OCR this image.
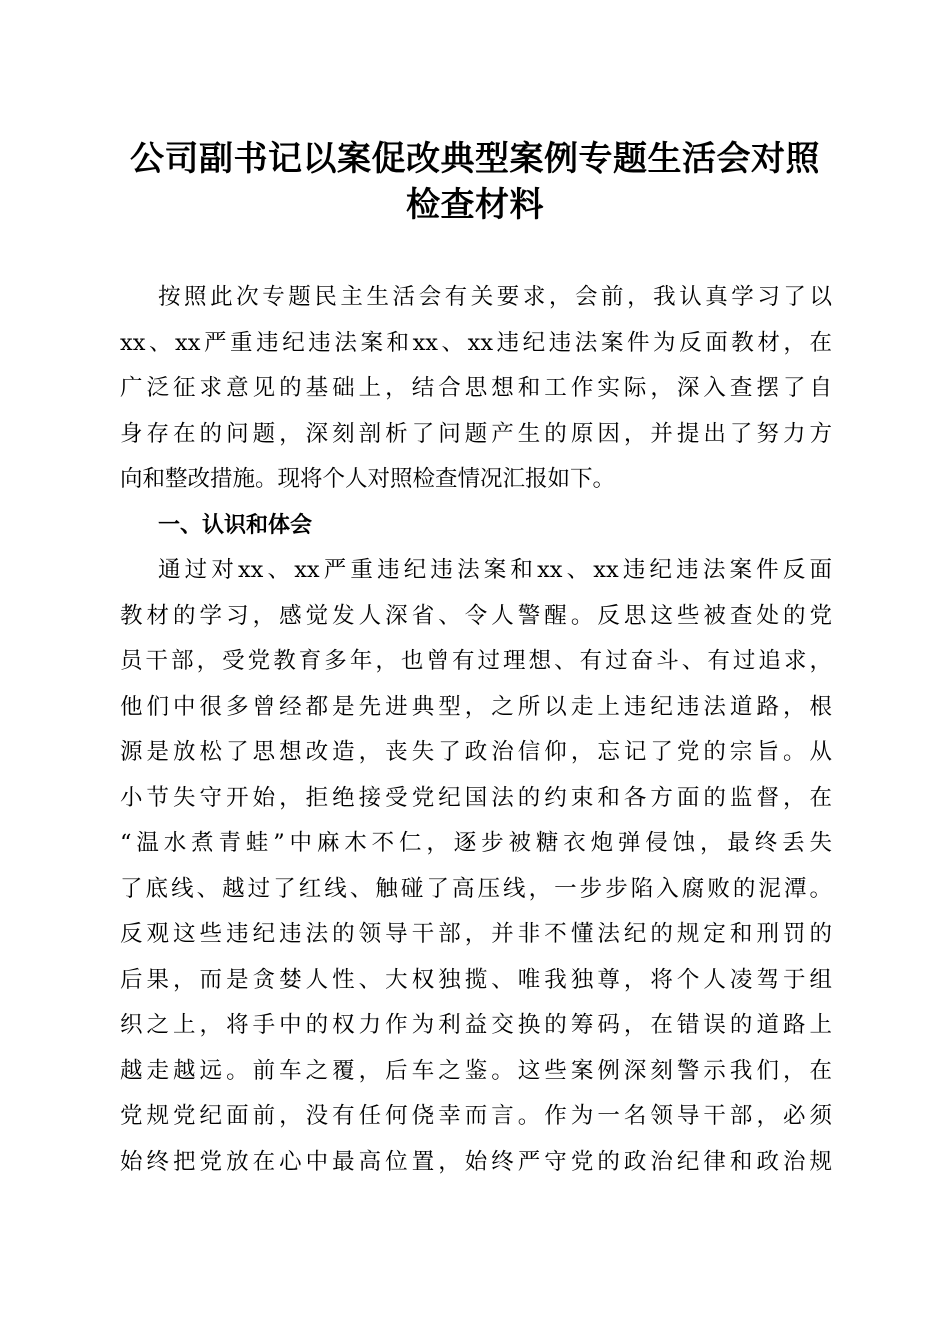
公司副书记以案促改典型案例专题生活会对照
检查材料
按照此次专题民主生活会有关要求，会前，我认真学习了以
xx、xx严重违纪违法案和xx、xx违纪违法案件为反面教材，在
广泛征求意见的基础上，结合思想和工作实际，深入查摆了自
身存在的问题，深刻剖析了问题产生的原因，并提出了努力方
向和整改措施。现将个人对照检查情况汇报如下。
一、认识和体会
通过对xx、xx严重违纪违法案和xx、xx违纪违法案件反面
教材的学习，感觉发人深省、令人警醒。反思这些被查处的党
员干部，受党教育多年，也曾有过理想、有过奋斗、有过追求，
他们中很多曾经都是先进典型，之所以走上违纪违法道路，根
源是放松了思想改造，丧失了政治信仰，忘记了党的宗旨。从
小节失守开始，拒绝接受党纪国法的约束和各方面的监督，在
“温水煮青蛙”中麻木不仁，逐步被糖衣炮弹侵蚀，最终丢失
了底线、越过了红线、触碰了高压线，一步步陷入腐败的泥潭。
反观这些违纪违法的领导干部，并非不懂法纪的规定和刑罚的
后果，而是贪婪人性、大权独揽、唯我独尊，将个人凌驾于组
织之上，将手中的权力作为利益交换的筹码，在错误的道路上
越走越远。前车之覆，后车之鉴。这些案例深刻警示我们，在
党规党纪面前，没有任何侥幸而言。作为一名领导干部，必须
始终把党放在心中最高位置，始终严守党的政治纪律和政治规
